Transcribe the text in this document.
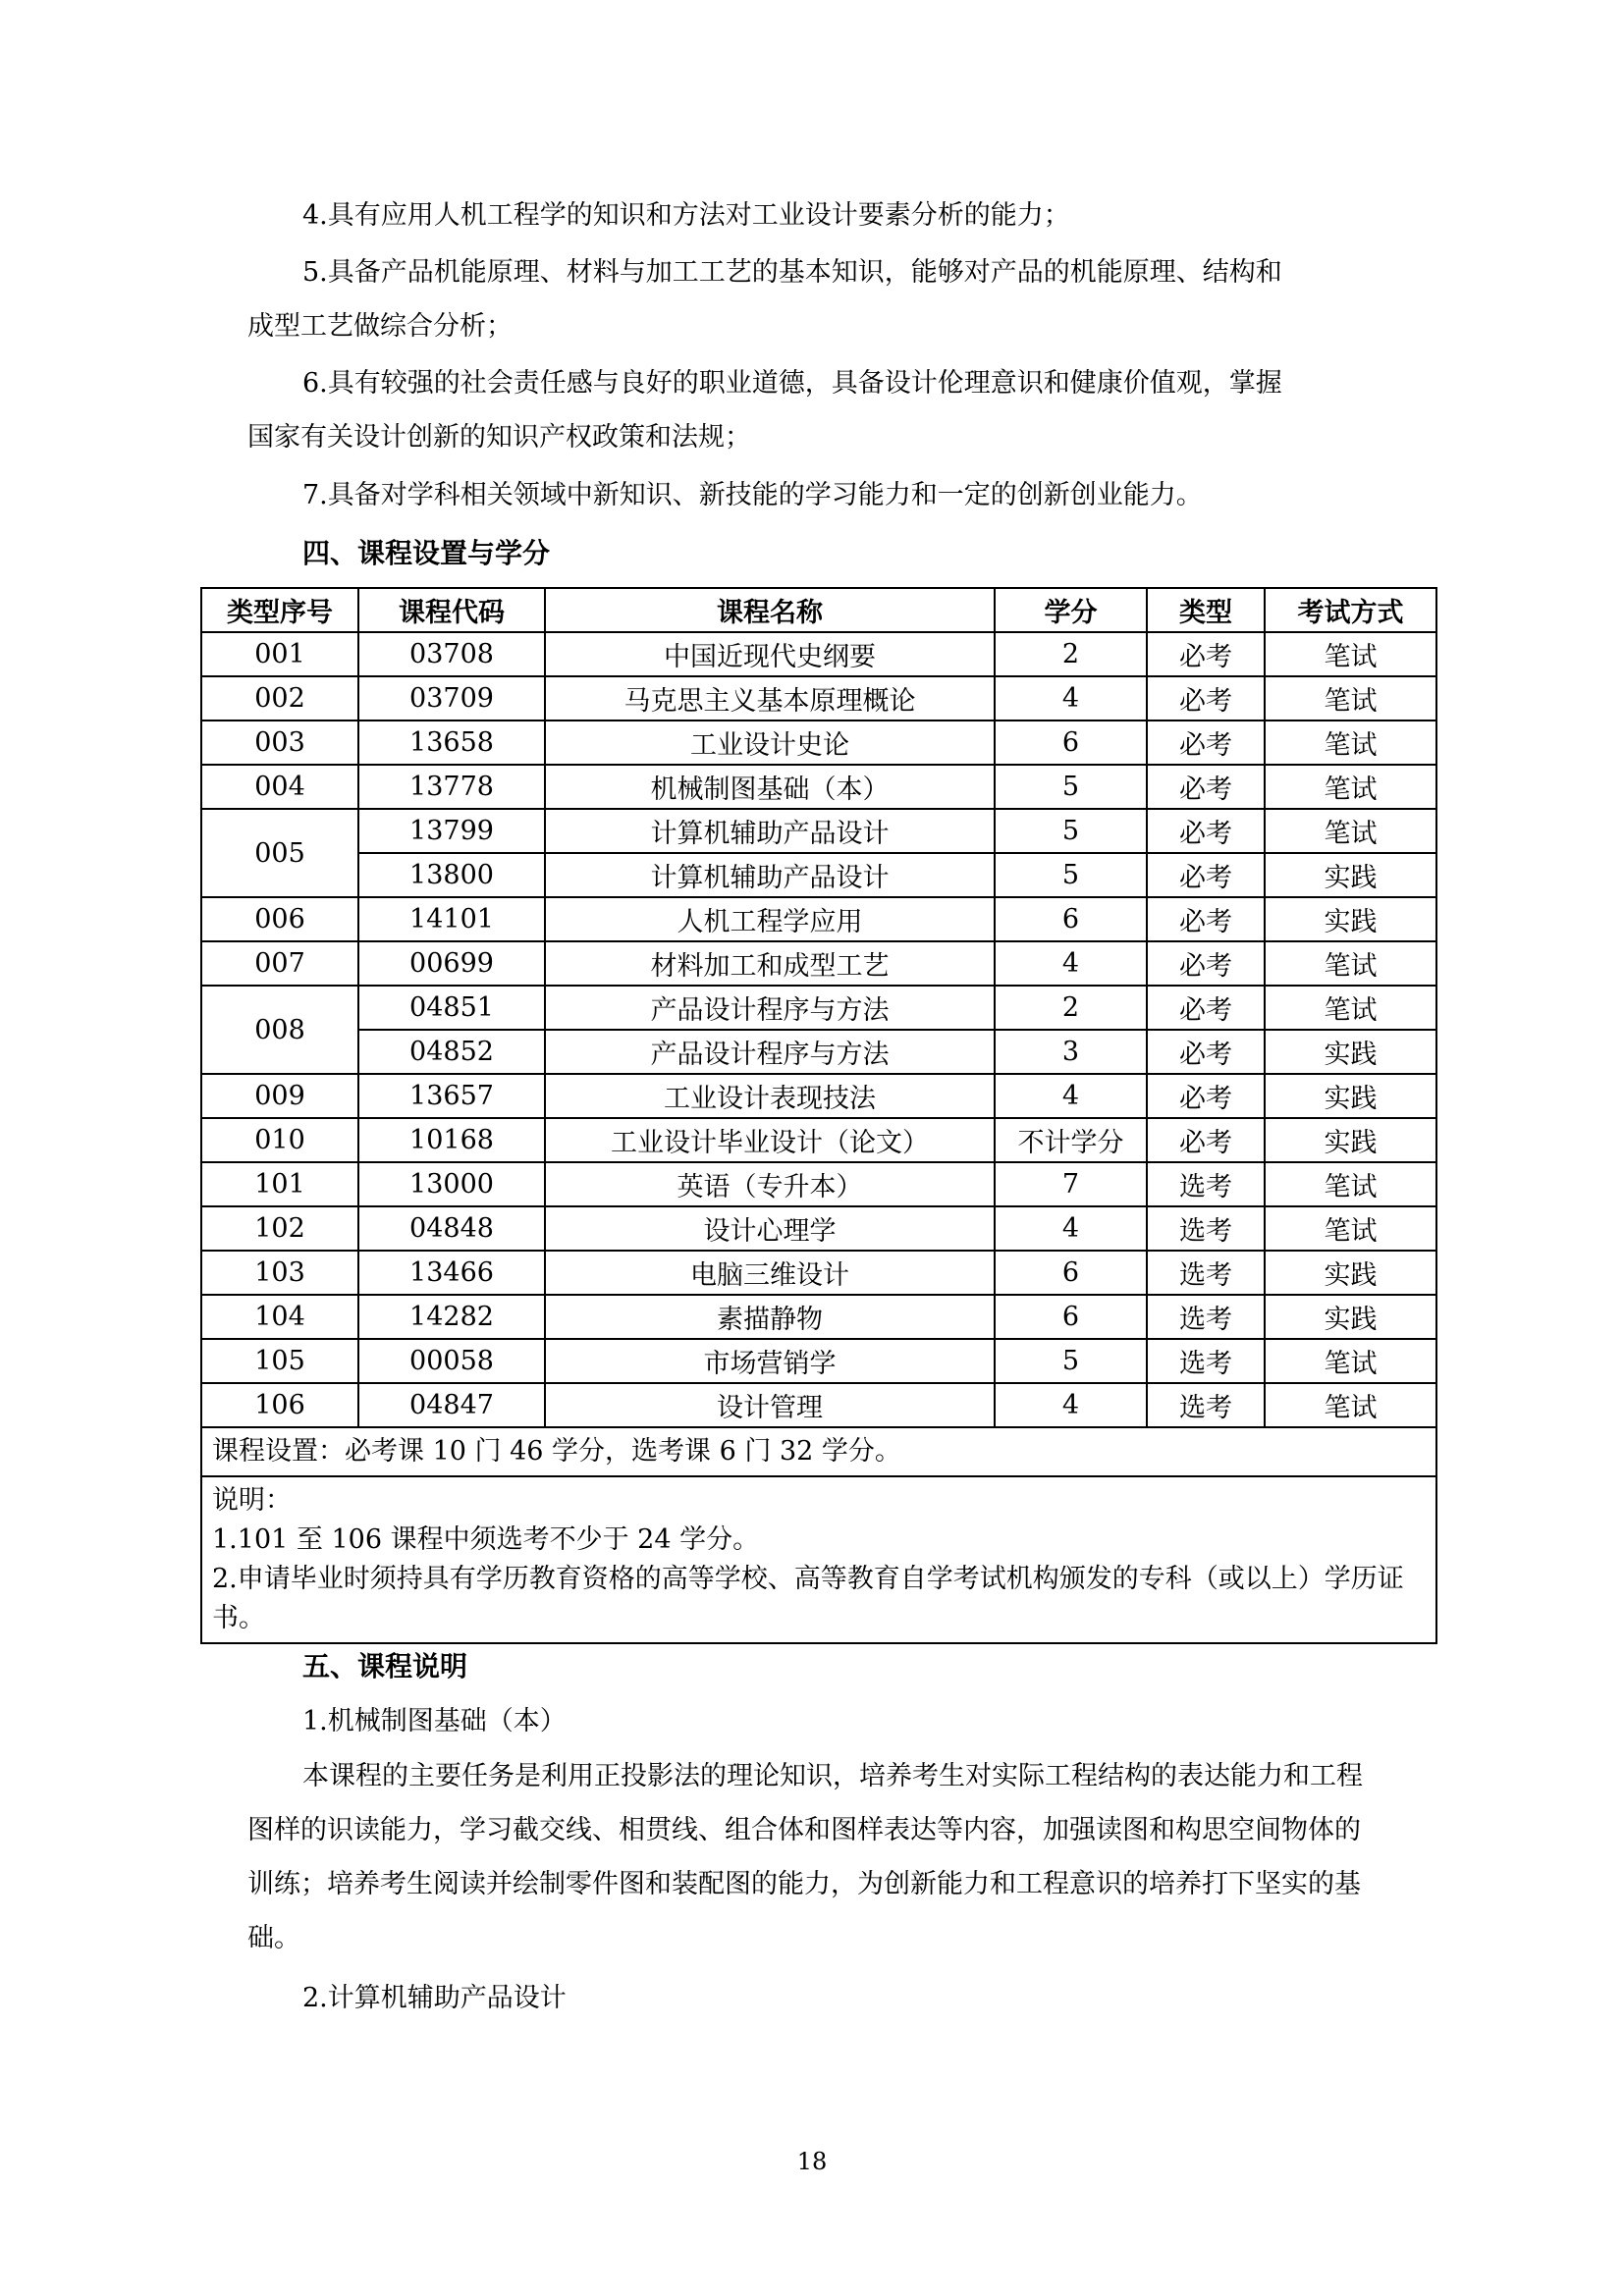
4.具有应用人机工程学的知识和方法对工业设计要素分析的能力；

5.具备产品机能原理、材料与加工工艺的基本知识，能够对产品的机能原理、结构和
成型工艺做综合分析；

6.具有较强的社会责任感与良好的职业道德，具备设计伦理意识和健康价值观，掌握
国家有关设计创新的知识产权政策和法规；

7.具备对学科相关领域中新知识、新技能的学习能力和一定的创新创业能力。

四、课程设置与学分

类型序号	课程代码	课程名称	学分	类型	考试方式
001	03708	中国近现代史纲要	2	必考	笔试
002	03709	马克思主义基本原理概论	4	必考	笔试
003	13658	工业设计史论	6	必考	笔试
004	13778	机械制图基础（本）	5	必考	笔试
005	13799	计算机辅助产品设计	5	必考	笔试
	13800	计算机辅助产品设计	5	必考	实践
006	14101	人机工程学应用	6	必考	实践
007	00699	材料加工和成型工艺	4	必考	笔试
008	04851	产品设计程序与方法	2	必考	笔试
	04852	产品设计程序与方法	3	必考	实践
009	13657	工业设计表现技法	4	必考	实践
010	10168	工业设计毕业设计（论文）	不计学分	必考	实践
101	13000	英语（专升本）	7	选考	笔试
102	04848	设计心理学	4	选考	笔试
103	13466	电脑三维设计	6	选考	实践
104	14282	素描静物	6	选考	实践
105	00058	市场营销学	5	选考	笔试
106	04847	设计管理	4	选考	笔试
课程设置：必考课 10 门 46 学分，选考课 6 门 32 学分。					

说明：
1.101 至 106 课程中须选考不少于 24 学分。
2.申请毕业时须持具有学历教育资格的高等学校、高等教育自学考试机构颁发的专科（或以上）学历证书。					

五、课程说明

1.机械制图基础（本）

本课程的主要任务是利用正投影法的理论知识，培养考生对实际工程结构的表达能力和工程图样的识读能力，学习截交线、相贯线、组合体和图样表达等内容，加强读图和构思空间物体的训练；培养考生阅读并绘制零件图和装配图的能力，为创新能力和工程意识的培养打下坚实的基础。

2.计算机辅助产品设计

18
